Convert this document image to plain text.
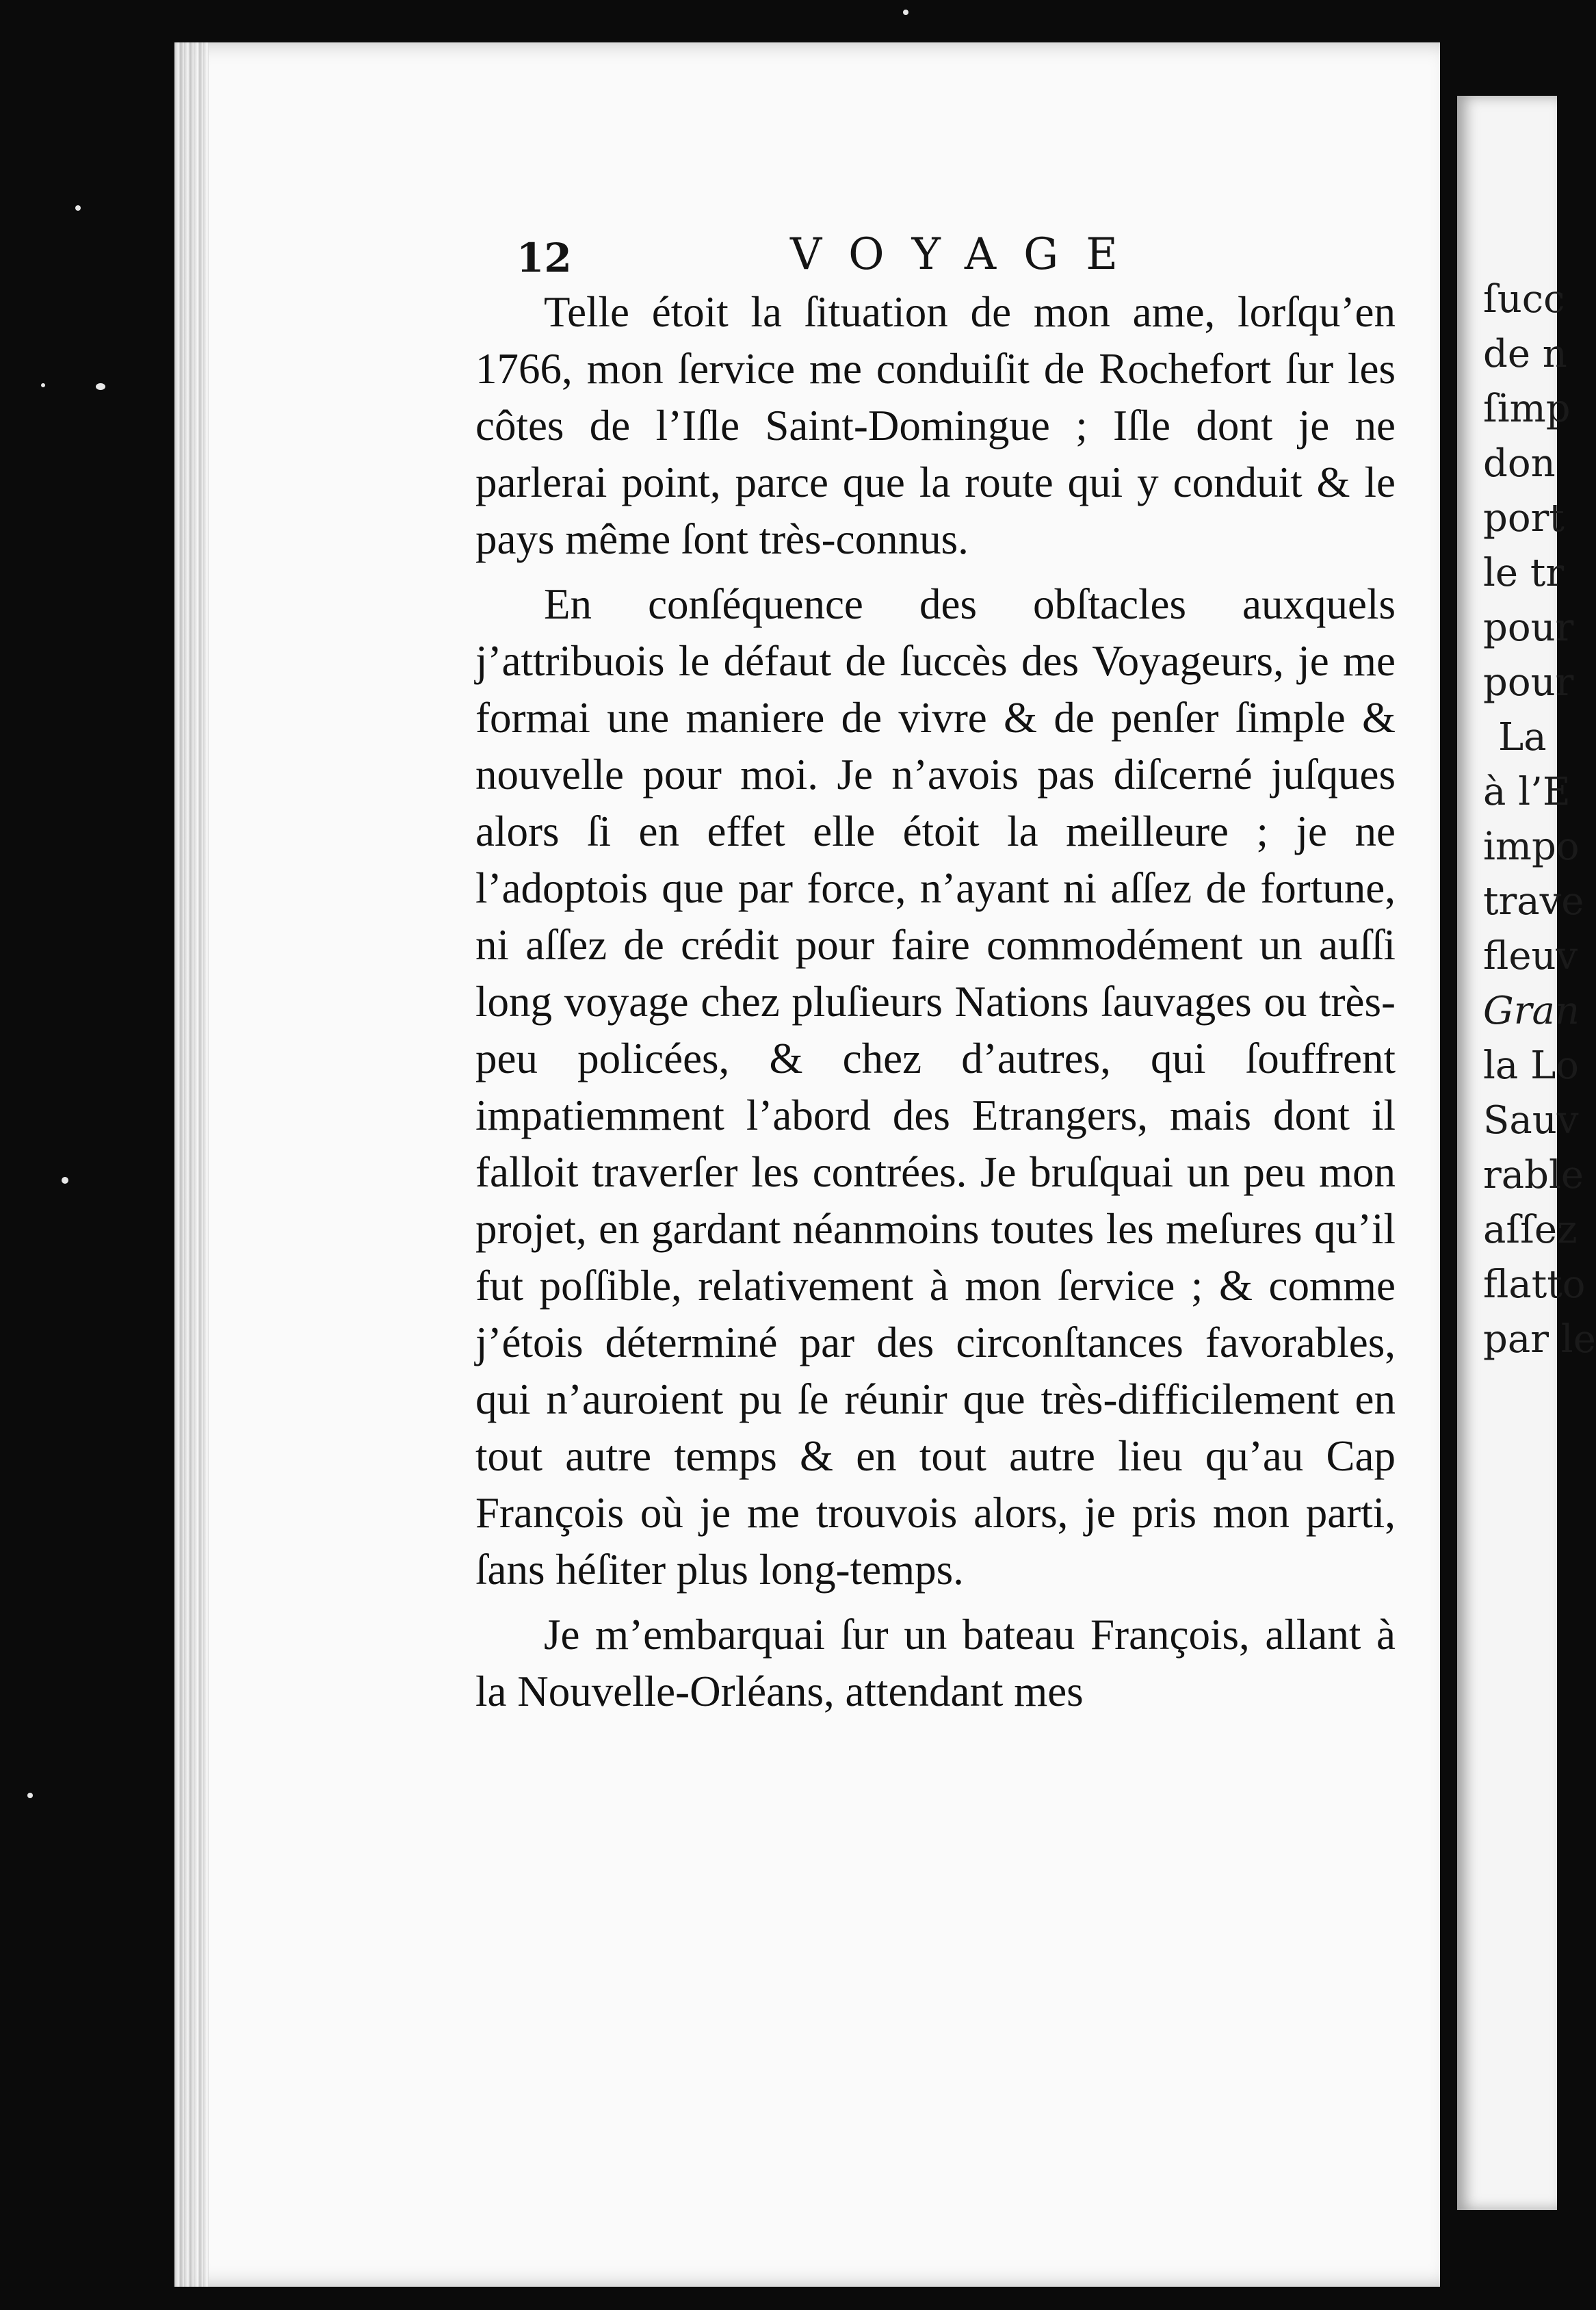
ſucc
de n
ſimp
don
port
le tr
pour
pour
La
à l’E
impo
trave
fleuv
Gran
la Lo
Sauv
rable
aſſez
flatto
par le
12	VOYAGE

Telle étoit la ſituation de mon ame, lorſqu’en 1766, mon ſervice me conduiſit de Rochefort ſur les côtes de l’Iſle Saint-Domingue ; Iſle dont je ne parlerai point, parce que la route qui y conduit & le pays même ſont très-connus.

En conſéquence des obſtacles auxquels j’attribuois le défaut de ſuccès des Voyageurs, je me formai une maniere de vivre & de penſer ſimple & nouvelle pour moi. Je n’avois pas diſcerné juſques alors ſi en effet elle étoit la meilleure ; je ne l’adoptois que par force, n’ayant ni aſſez de fortune, ni aſſez de crédit pour faire commodément un auſſi long voyage chez pluſieurs Nations ſauvages ou très-peu policées, & chez d’autres, qui ſouffrent impatiemment l’abord des Etrangers, mais dont il falloit traverſer les contrées. Je bruſquai un peu mon projet, en gardant néanmoins toutes les meſures qu’il fut poſſible, relativement à mon ſervice ; & comme j’étois déterminé par des circonſtances favorables, qui n’auroient pu ſe réunir que très-difficilement en tout autre temps & en tout autre lieu qu’au Cap François où je me trouvois alors, je pris mon parti, ſans héſiter plus long-temps.

Je m’embarquai ſur un bateau François, allant à la Nouvelle-Orléans, attendant mes
